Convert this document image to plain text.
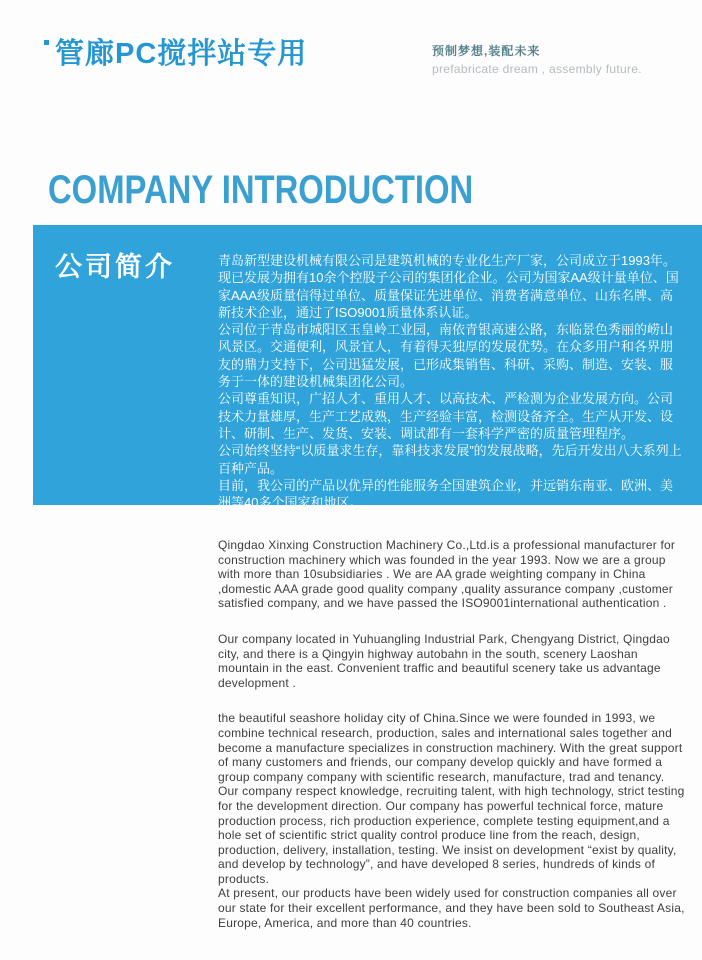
管廊PC搅拌站专用	预制梦想,装配未来
prefabricate dream , assembly future.
COMPANY INTRODUCTION
公司简介	青岛新型建设机械有限公司是建筑机械的专业化生产厂家，公司成立于1993年。现已发展为拥有10余个控股子公司的集团化企业。公司为国家AA级计量单位、国家AAA级质量信得过单位、质量保证先进单位、消费者满意单位、山东名牌、高新技术企业，通过了ISO9001质量体系认证。

公司位于青岛市城阳区玉皇岭工业园，南依青银高速公路，东临景色秀丽的崂山风景区。交通便利，风景宜人，有着得天独厚的发展优势。在众多用户和各界朋友的鼎力支持下，公司迅猛发展，已形成集销售、科研、采购、制造、安装、服务于一体的建设机械集团化公司。

公司尊重知识，广招人才、重用人才、以高技术、严检测为企业发展方向。公司技术力量雄厚，生产工艺成熟，生产经验丰富，检测设备齐全。生产从开发、设计、研制、生产、发货、安装、调试都有一套科学严密的质量管理程序。

公司始终坚持“以质量求生存，靠科技求发展”的发展战略，先后开发出八大系列上百种产品。

目前，我公司的产品以优异的性能服务全国建筑企业，并远销东南亚、欧洲、美洲等40多个国家和地区。

Qingdao Xinxing Construction Machinery Co.,Ltd.is a professional manufacturer for construction machinery which was founded in the year 1993. Now we are a group with more than 10subsidiaries . We are AA grade weighting company in China ,domestic AAA grade good quality company ,quality assurance company ,customer satisfied company, and we have passed the ISO9001international authentication .

Our company located in Yuhuangling Industrial Park, Chengyang District, Qingdao city, and there is a Qingyin highway autobahn in the south, scenery Laoshan mountain in the east. Convenient traffic and beautiful scenery take us advantage development .

the beautiful seashore holiday city of China.Since we were founded in 1993, we combine technical research, production, sales and international sales together and become a manufacture specializes in construction machinery. With the great support of many customers and friends, our company develop quickly and have formed a group company company with scientific research, manufacture, trad and tenancy.

Our company respect knowledge, recruiting talent, with high technology, strict testing for the development direction. Our company has powerful technical force, mature production process, rich production experience, complete testing equipment,and a hole set of scientific strict quality control produce line from the reach, design, production, delivery, installation, testing. We insist on development “exist by quality, and develop by technology”, and have developed 8 series, hundreds of kinds of products.

At present, our products have been widely used for construction companies all over our state for their excellent performance, and they have been sold to Southeast Asia, Europe, America, and more than 40 countries.
